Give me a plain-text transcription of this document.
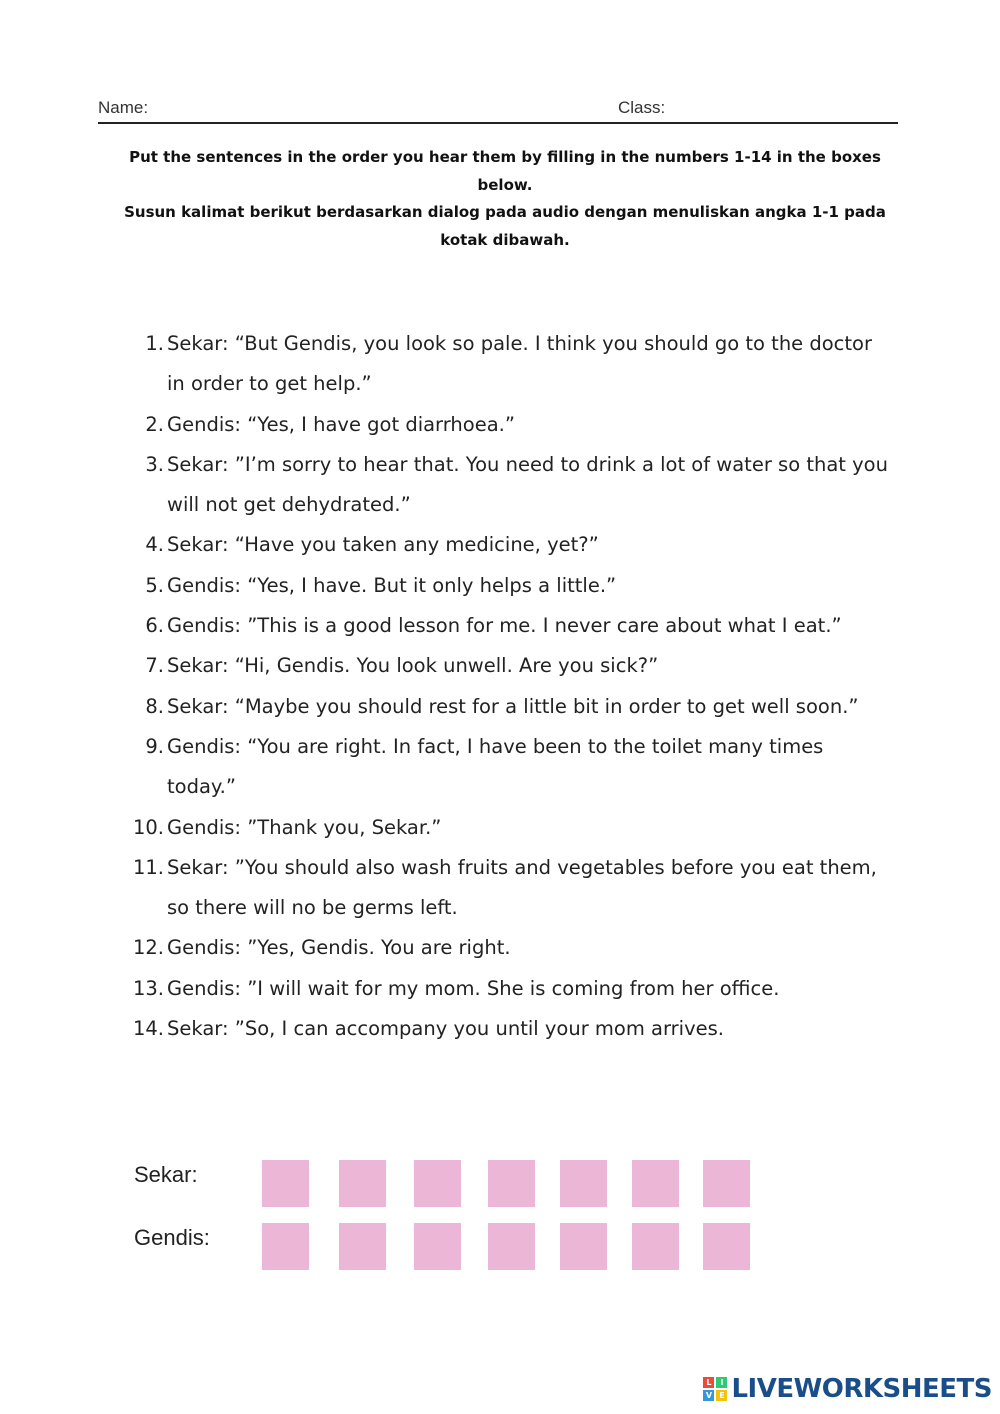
Name:	Class:

Put the sentences in the order you hear them by filling in the numbers 1-14 in the boxes below.

Susun kalimat berikut berdasarkan dialog pada audio dengan menuliskan angka 1-1 pada kotak dibawah.

1. Sekar: “But Gendis, you look so pale. I think you should go to the doctor in order to get help.”
2. Gendis: “Yes, I have got diarrhoea.”
3. Sekar: ”I’m sorry to hear that. You need to drink a lot of water so that you will not get dehydrated.”
4. Sekar: “Have you taken any medicine, yet?”
5. Gendis: “Yes, I have. But it only helps a little.”
6. Gendis: ”This is a good lesson for me. I never care about what I eat.”
7. Sekar: “Hi, Gendis. You look unwell. Are you sick?”
8. Sekar: “Maybe you should rest for a little bit in order to get well soon.”
9. Gendis: “You are right. In fact, I have been to the toilet many times today.”
10. Gendis: ”Thank you, Sekar.”
11. Sekar: ”You should also wash fruits and vegetables before you eat them, so there will no be germs left.
12. Gendis: ”Yes, Gendis. You are right.
13. Gendis: ”I will wait for my mom. She is coming from her office.
14. Sekar: ”So, I can accompany you until your mom arrives.
Sekar:
Gendis:
L	I
V E LIVEWORKSHEETS
